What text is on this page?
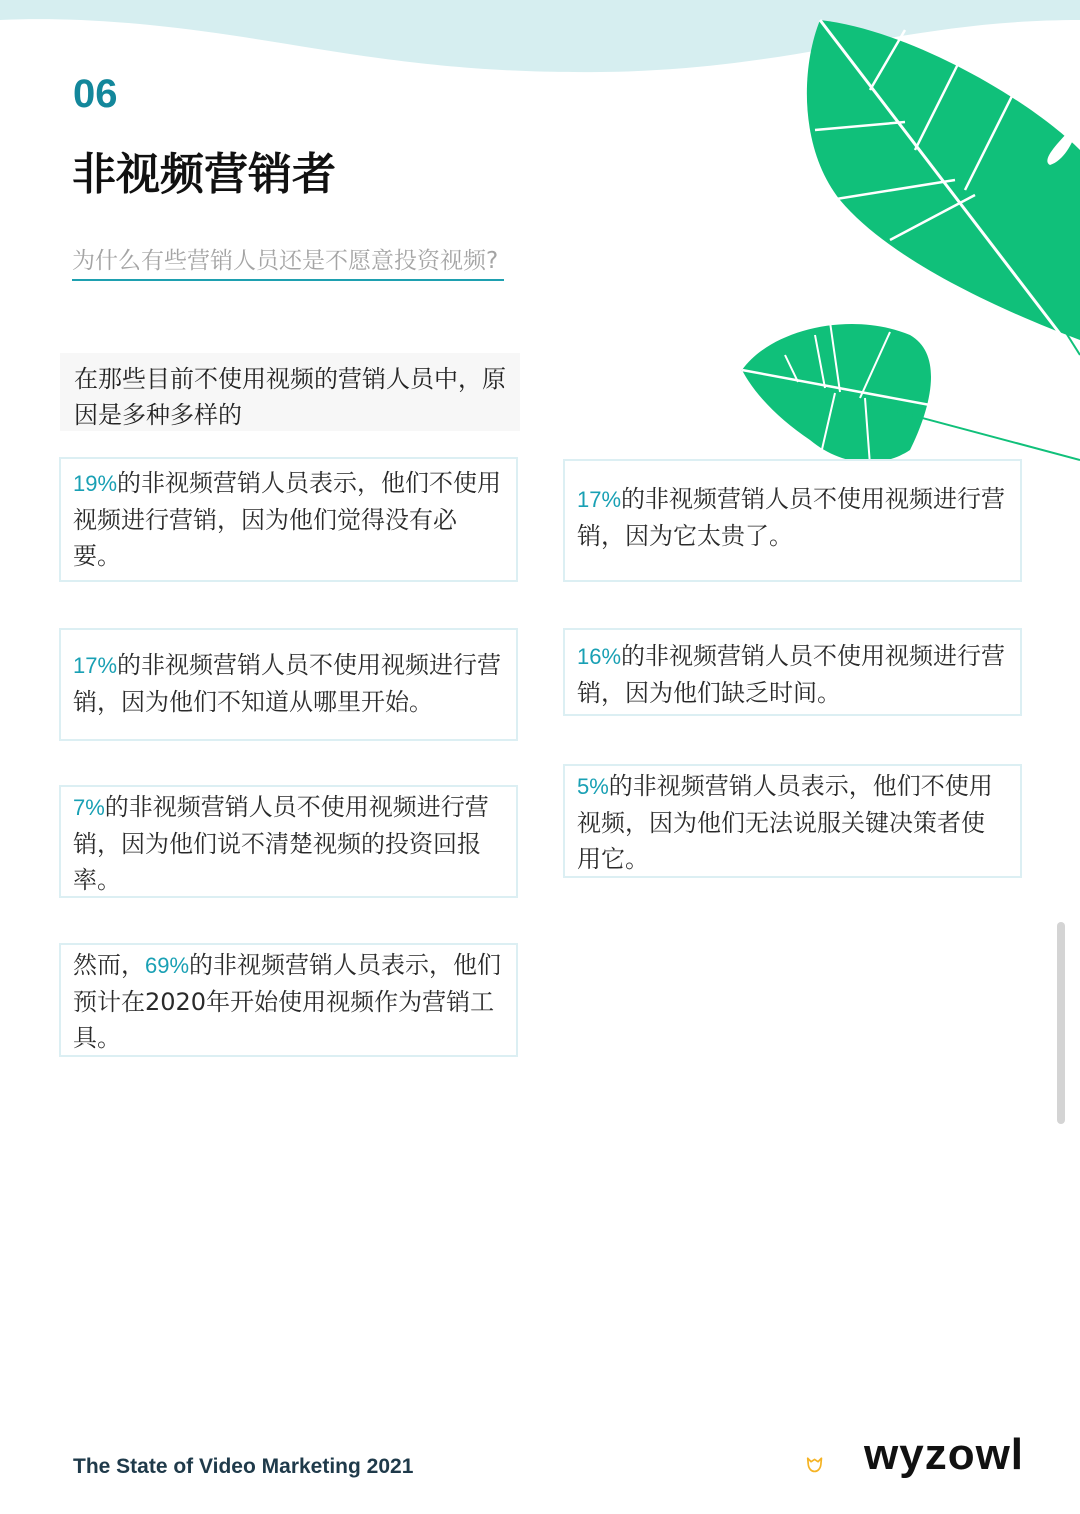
06
非视频营销者
为什么有些营销人员还是不愿意投资视频?
在那些目前不使用视频的营销人员中，原因是多种多样的
19%的非视频营销人员表示，他们不使用视频进行营销，因为他们觉得没有必要。
17%的非视频营销人员不使用视频进行营销，因为它太贵了。
17%的非视频营销人员不使用视频进行营销，因为他们不知道从哪里开始。
16%的非视频营销人员不使用视频进行营销，因为他们缺乏时间。
7%的非视频营销人员不使用视频进行营销，因为他们说不清楚视频的投资回报率。
5%的非视频营销人员表示，他们不使用视频，因为他们无法说服关键决策者使用它。
然而，69%的非视频营销人员表示，他们预计在2020年开始使用视频作为营销工具。
The State of Video Marketing 2021	wyzowl
